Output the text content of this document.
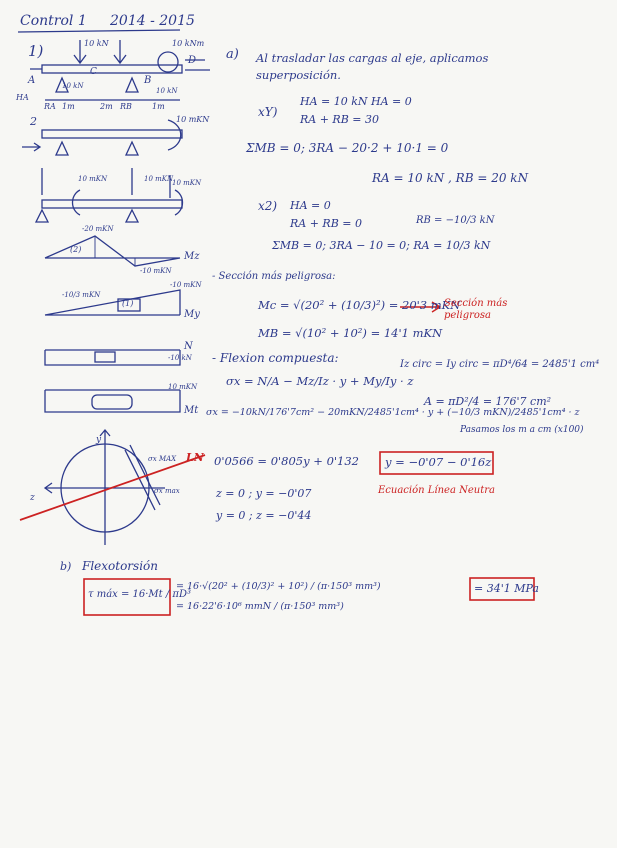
Control 1 2014 - 2015
1)	10 kN	10 kNm
A
C
B
D
HA
RA 1m	2m RB	1m
10 kN
10 kN
2	10 mKN
10 mKN	10 mKN
10 mKN
-20 mKN
(2)
-10 mKN
Mz
-10/3 mKN
-10 mKN
(1)
My
N
-10 kN
10 mKN
Mt
y
z
LN
σx MAX
σx max
a) Al trasladar las cargas al eje, aplicamos superposición.
xY)
HA = 10 kN HA = 0
RA + RB = 30
ΣMB = 0; 3RA − 20·2 + 10·1 = 0
RA = 10 kN , RB = 20 kN
x2) HA = 0
RA + RB = 0	RB = −10/3 kN
ΣMB = 0; 3RA − 10 = 0; RA = 10/3 kN
- Sección más peligrosa:
Mc = √(20² + (10/3)²) = 20'3 mKN
Sección más peligrosa
MB = √(10² + 10²) = 14'1 mKN
- Flexion compuesta:
σx = N/A − Mz/Iz · y + My/Iy · z
Iz circ = Iy circ = πD⁴/64 = 2485'1 cm⁴
A = πD²/4 = 176'7 cm²
σx = −10kN/176'7cm² − 20mKN/2485'1cm⁴ · y + (−10/3 mKN)/2485'1cm⁴ · z
Pasamos los m a cm (x100)
0'0566 = 0'805y + 0'132 y = −0'07 − 0'16z
Ecuación Línea Neutra
z = 0 ; y = −0'07
y = 0 ; z = −0'44
b) Flexotorsión
τ máx = 16·Mt / πD³
= 16·√(20² + (10/3)² + 10²) / (π·150³ mm³)
= 16·22'6·10⁶ mmN / (π·150³ mm³)
= 34'1 MPa
